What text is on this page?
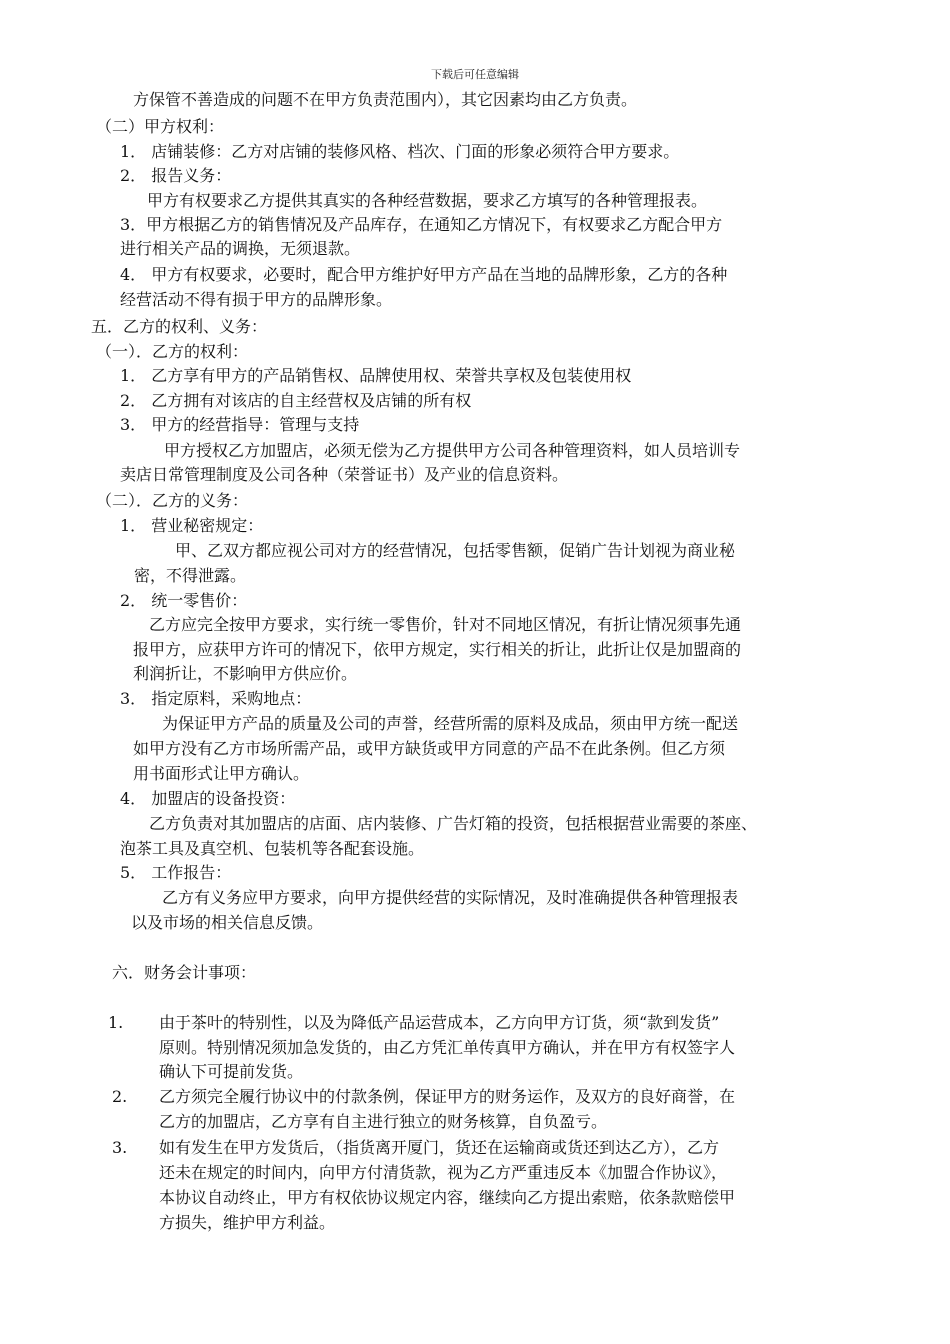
下载后可任意编辑
方保管不善造成的问题不在甲方负责范围内），其它因素均由乙方负责。
（二）甲方权利：
1． 店铺装修：乙方对店铺的装修风格、档次、门面的形象必须符合甲方要求。
2． 报告义务：
甲方有权要求乙方提供其真实的各种经营数据，要求乙方填写的各种管理报表。
3．甲方根据乙方的销售情况及产品库存，在通知乙方情况下，有权要求乙方配合甲方
进行相关产品的调换，无须退款。
4． 甲方有权要求，必要时，配合甲方维护好甲方产品在当地的品牌形象，乙方的各种
经营活动不得有损于甲方的品牌形象。
五．乙方的权利、义务：
（一）．乙方的权利：
1． 乙方享有甲方的产品销售权、品牌使用权、荣誉共享权及包装使用权
2． 乙方拥有对该店的自主经营权及店铺的所有权
3． 甲方的经营指导：管理与支持
甲方授权乙方加盟店，必须无偿为乙方提供甲方公司各种管理资料，如人员培训专
卖店日常管理制度及公司各种（荣誉证书）及产业的信息资料。
（二）．乙方的义务：
1． 营业秘密规定：
甲、乙双方都应视公司对方的经营情况，包括零售额，促销广告计划视为商业秘
密，不得泄露。
2． 统一零售价：
乙方应完全按甲方要求，实行统一零售价，针对不同地区情况，有折让情况须事先通
报甲方，应获甲方许可的情况下，依甲方规定，实行相关的折让，此折让仅是加盟商的
利润折让，不影响甲方供应价。
3． 指定原料，采购地点：
为保证甲方产品的质量及公司的声誉，经营所需的原料及成品，须由甲方统一配送
如甲方没有乙方市场所需产品，或甲方缺货或甲方同意的产品不在此条例。但乙方须
用书面形式让甲方确认。
4． 加盟店的设备投资：
乙方负责对其加盟店的店面、店内装修、广告灯箱的投资，包括根据营业需要的茶座、
泡茶工具及真空机、包装机等各配套设施。
5． 工作报告：
乙方有义务应甲方要求，向甲方提供经营的实际情况，及时准确提供各种管理报表
以及市场的相关信息反馈。
六．财务会计事项：
1. 由于茶叶的特别性，以及为降低产品运营成本，乙方向甲方订货，须“款到发货”
原则。特别情况须加急发货的，由乙方凭汇单传真甲方确认，并在甲方有权签字人
确认下可提前发货。
2. 乙方须完全履行协议中的付款条例，保证甲方的财务运作，及双方的良好商誉，在
乙方的加盟店，乙方享有自主进行独立的财务核算，自负盈亏。
3. 如有发生在甲方发货后，（指货离开厦门，货还在运输商或货还到达乙方），乙方
还未在规定的时间内，向甲方付清货款，视为乙方严重违反本《加盟合作协议》，
本协议自动终止，甲方有权依协议规定内容，继续向乙方提出索赔，依条款赔偿甲
方损失，维护甲方利益。
